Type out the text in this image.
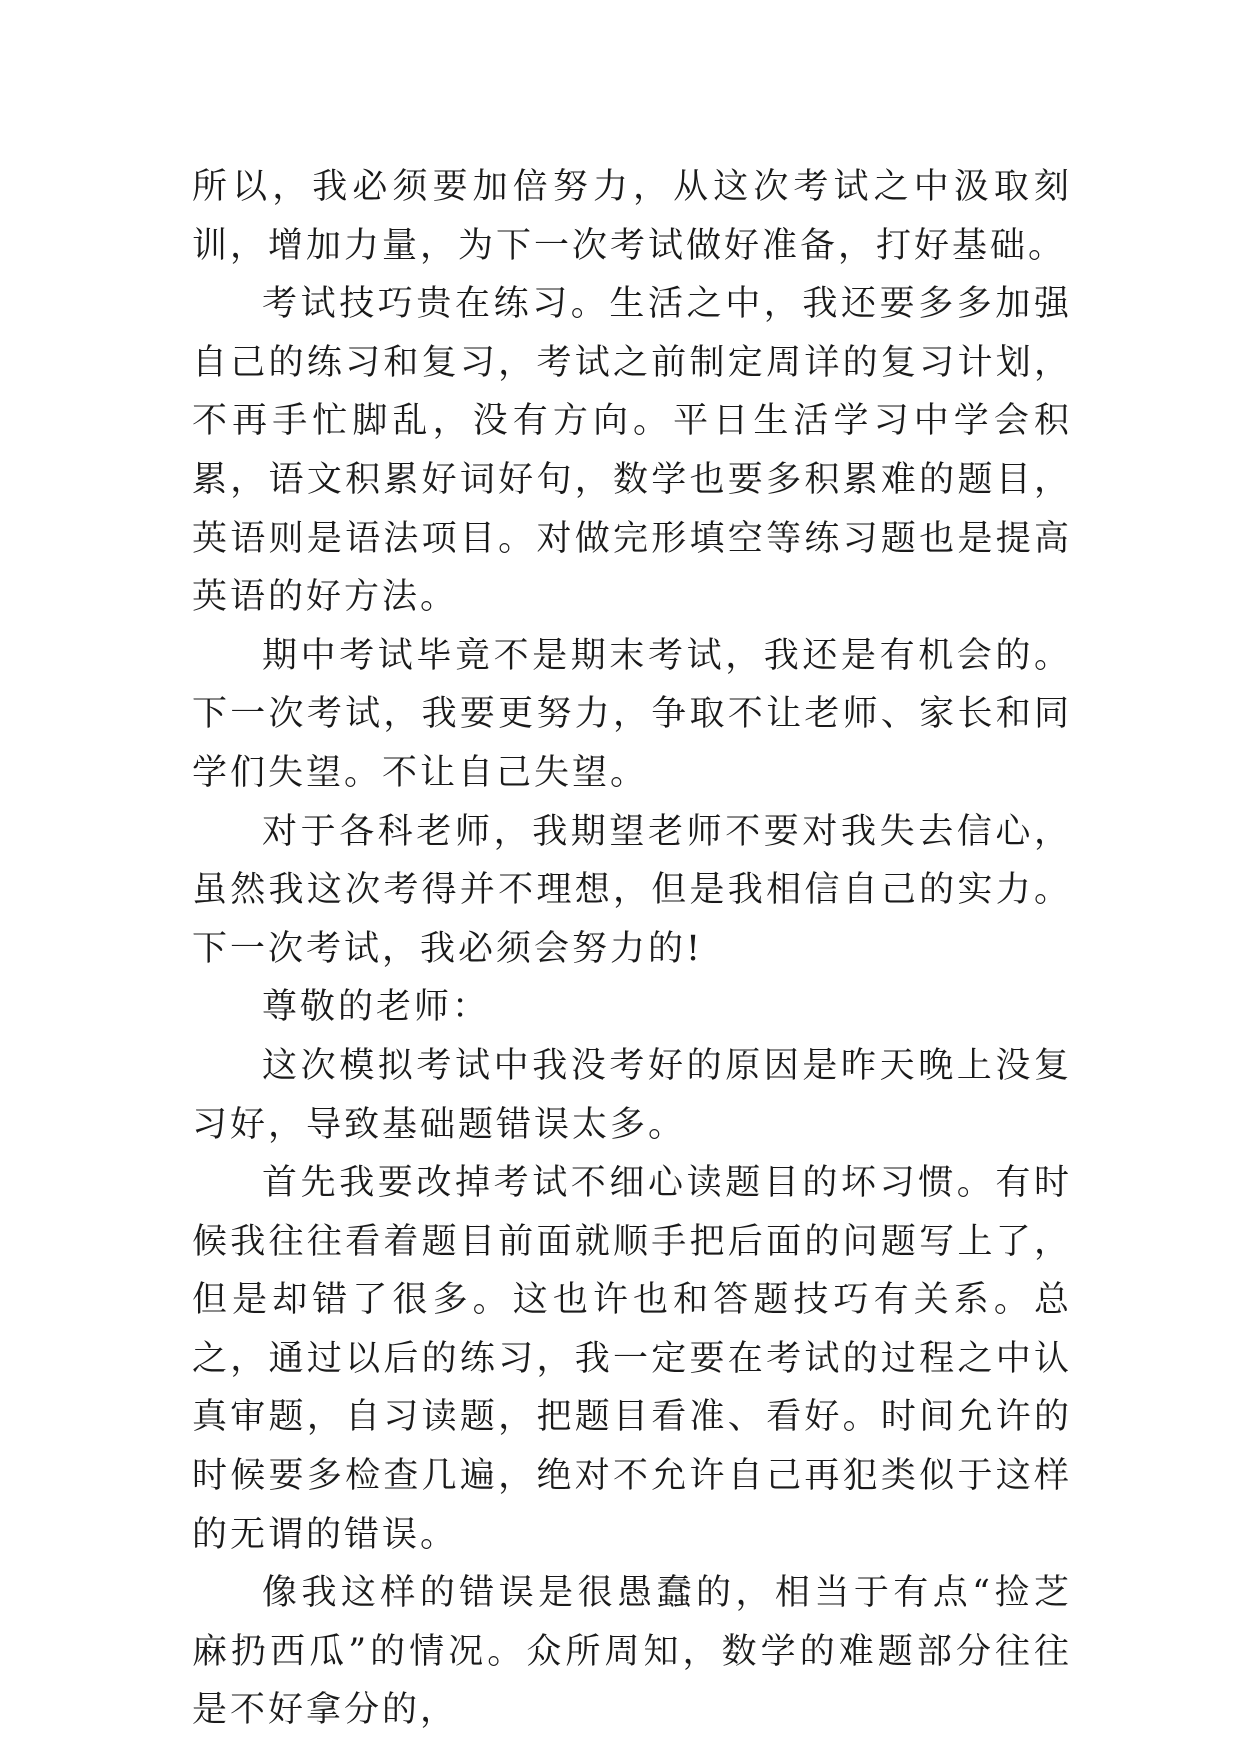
所以，我必须要加倍努力，从这次考试之中汲取刻训，增加力量，为下一次考试做好准备，打好基础。

考试技巧贵在练习。生活之中，我还要多多加强自己的练习和复习，考试之前制定周详的复习计划，不再手忙脚乱，没有方向。平日生活学习中学会积累，语文积累好词好句，数学也要多积累难的题目，英语则是语法项目。对做完形填空等练习题也是提高英语的好方法。

期中考试毕竟不是期末考试，我还是有机会的。下一次考试，我要更努力，争取不让老师、家长和同学们失望。不让自己失望。

对于各科老师，我期望老师不要对我失去信心，虽然我这次考得并不理想，但是我相信自己的实力。下一次考试，我必须会努力的!

尊敬的老师：

这次模拟考试中我没考好的原因是昨天晚上没复习好，导致基础题错误太多。

首先我要改掉考试不细心读题目的坏习惯。有时候我往往看着题目前面就顺手把后面的问题写上了，但是却错了很多。这也许也和答题技巧有关系。总之，通过以后的练习，我一定要在考试的过程之中认真审题，自习读题，把题目看准、看好。时间允许的时候要多检查几遍，绝对不允许自己再犯类似于这样的无谓的错误。

像我这样的错误是很愚蠢的，相当于有点“捡芝麻扔西瓜”的情况。众所周知，数学的难题部分往往是不好拿分的，
